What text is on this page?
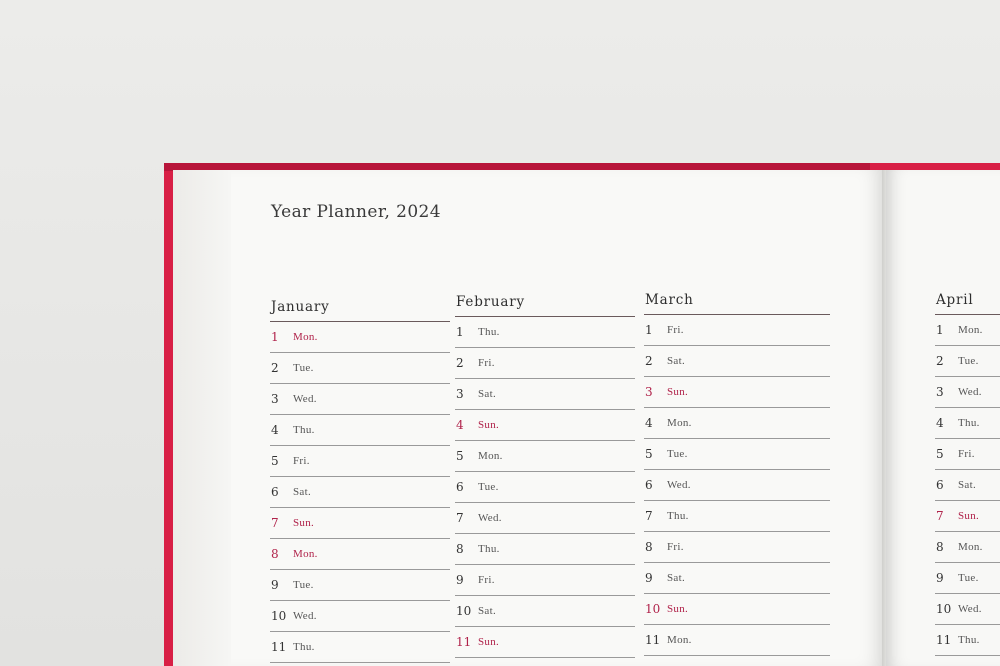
Year Planner, 2024
January
1	Mon.
2	Tue.
3	Wed.
4	Thu.
5	Fri.
6	Sat.
7	Sun.
8	Mon.
9	Tue.
10 Wed.
11 Thu.
February
1	Thu.
2	Fri.
3	Sat.
4	Sun.
5	Mon.
6	Tue.
7	Wed.
8	Thu.
9	Fri.
10 Sat.
11 Sun.
March
1	Fri.
2	Sat.
3	Sun.
4	Mon.
5	Tue.
6	Wed.
7	Thu.
8	Fri.
9	Sat.
10 Sun.
11 Mon.
April
1	Mon.
2	Tue.
3	Wed.
4	Thu.
5	Fri.
6	Sat.
7	Sun.
8	Mon.
9	Tue.
10 Wed.
11 Thu.
